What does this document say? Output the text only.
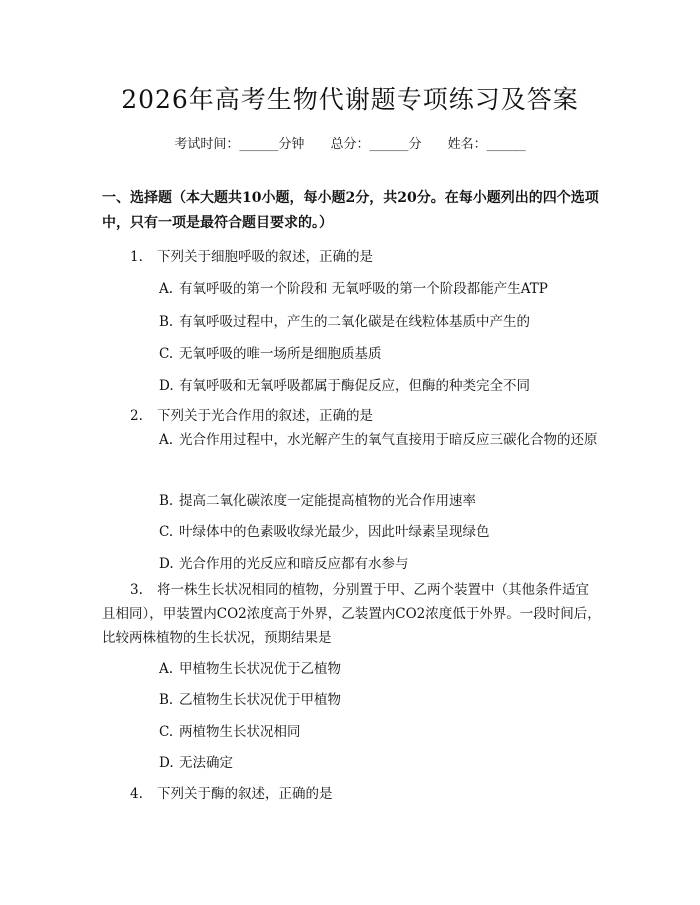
2026年高考生物代谢题专项练习及答案
考试时间：______分钟 总分：______分 姓名：______
一、选择题（本大题共10小题，每小题2分，共20分。在每小题列出的四个选项中，只有一项是最符合题目要求的。）
1. 下列关于细胞呼吸的叙述，正确的是
A. 有氧呼吸的第一个阶段和 无氧呼吸的第一个阶段都能产生ATP
B. 有氧呼吸过程中，产生的二氧化碳是在线粒体基质中产生的
C. 无氧呼吸的唯一场所是细胞质基质
D. 有氧呼吸和无氧呼吸都属于酶促反应，但酶的种类完全不同
2. 下列关于光合作用的叙述，正确的是
A. 光合作用过程中，水光解产生的氧气直接用于暗反应三碳化合物的还原
B. 提高二氧化碳浓度一定能提高植物的光合作用速率
C. 叶绿体中的色素吸收绿光最少，因此叶绿素呈现绿色
D. 光合作用的光反应和暗反应都有水参与
3. 将一株生长状况相同的植物，分别置于甲、乙两个装置中（其他条件适宜且相同），甲装置内CO2浓度高于外界，乙装置内CO2浓度低于外界。一段时间后，比较两株植物的生长状况，预期结果是
A. 甲植物生长状况优于乙植物
B. 乙植物生长状况优于甲植物
C. 两植物生长状况相同
D. 无法确定
4. 下列关于酶的叙述，正确的是
